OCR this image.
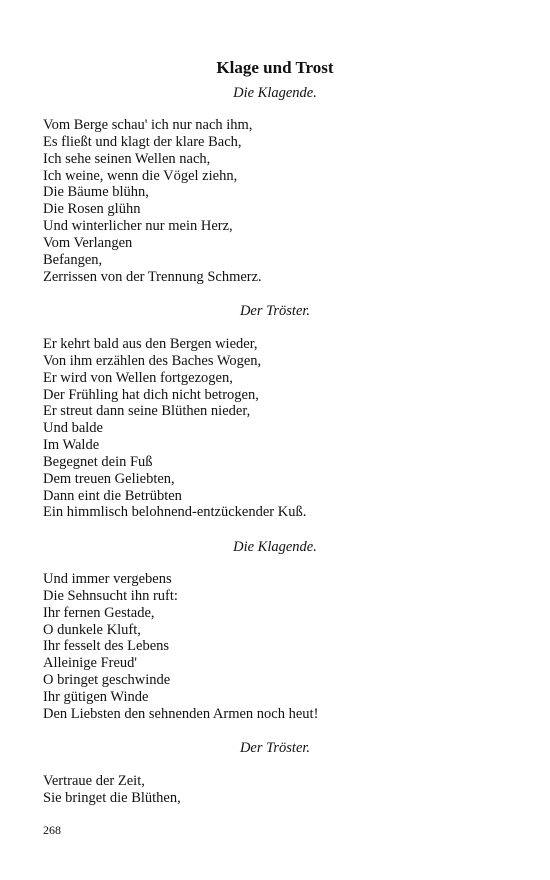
Klage und Trost

Die Klagende.

Vom Berge schau' ich nur nach ihm,
Es fließt und klagt der klare Bach,
Ich sehe seinen Wellen nach,
Ich weine, wenn die Vögel ziehn,
Die Bäume blühn,
Die Rosen glühn
Und winterlicher nur mein Herz,
Vom Verlangen
Befangen,
Zerrissen von der Trennung Schmerz.

Der Tröster.

Er kehrt bald aus den Bergen wieder,
Von ihm erzählen des Baches Wogen,
Er wird von Wellen fortgezogen,
Der Frühling hat dich nicht betrogen,
Er streut dann seine Blüthen nieder,
Und balde
Im Walde
Begegnet dein Fuß
Dem treuen Geliebten,
Dann eint die Betrübten
Ein himmlisch belohnend-entzückender Kuß.

Die Klagende.

Und immer vergebens
Die Sehnsucht ihn ruft:
Ihr fernen Gestade,
O dunkele Kluft,
Ihr fesselt des Lebens
Alleinige Freud'
O bringet geschwinde
Ihr gütigen Winde
Den Liebsten den sehnenden Armen noch heut!

Der Tröster.

Vertraue der Zeit,
Sie bringet die Blüthen,
268
